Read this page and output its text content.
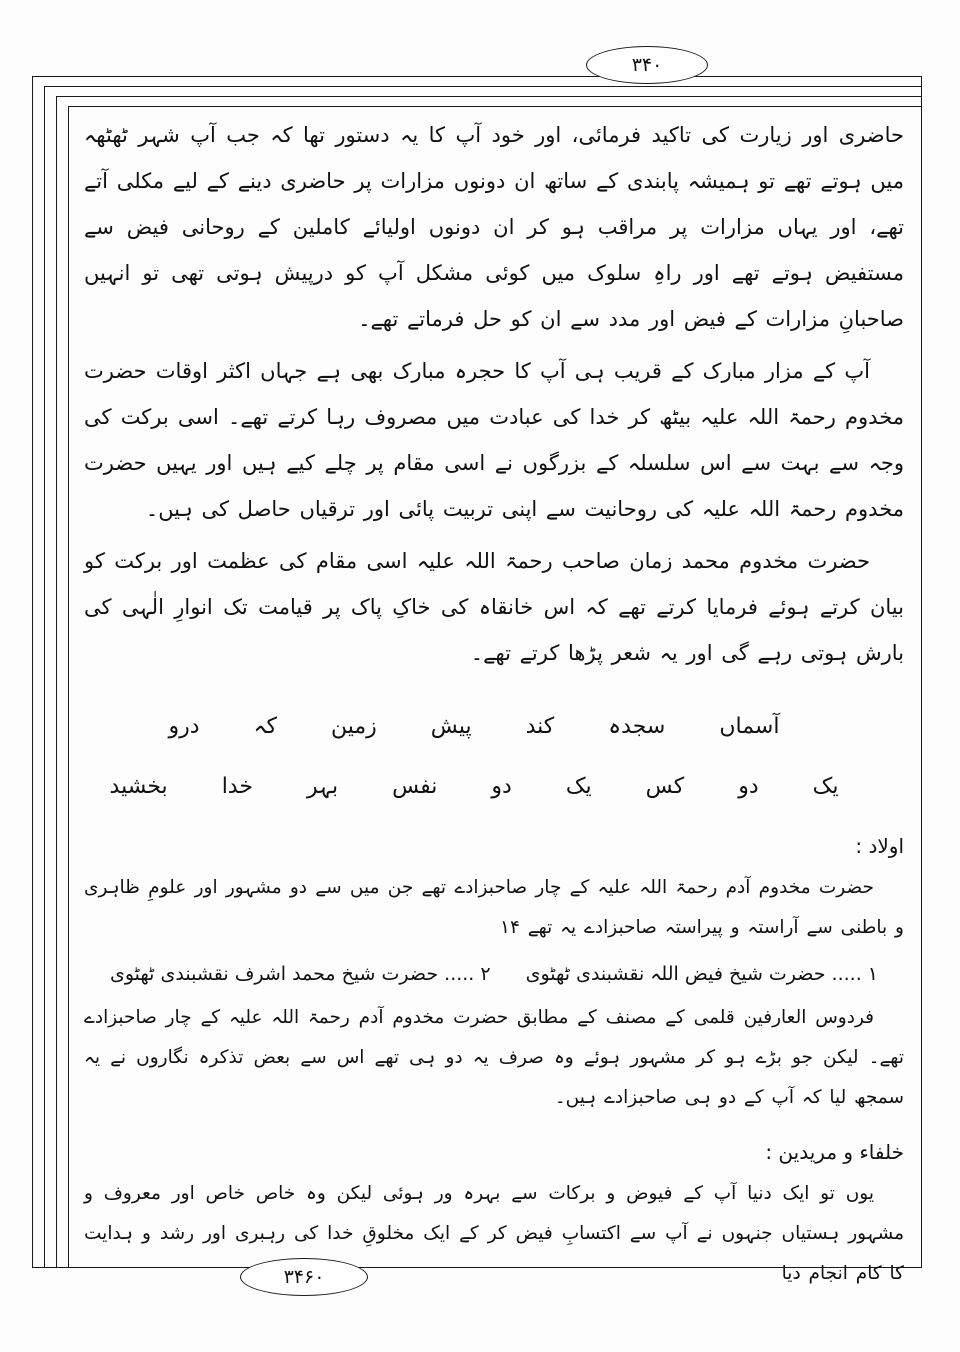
۳۴۰
۳۴۶۰

حاضری اور زیارت کی تاکید فرمائی، اور خود آپ کا یہ دستور تھا کہ جب آپ شہر ٹھٹھہ میں ہوتے تھے تو ہمیشہ پابندی کے ساتھ ان دونوں مزارات پر حاضری دینے کے لیے مکلی آتے تھے، اور یہاں مزارات پر مراقب ہو کر ان دونوں اولیائے کاملین کے روحانی فیض سے مستفیض ہوتے تھے اور راہِ سلوک میں کوئی مشکل آپ کو درپیش ہوتی تھی تو انہیں صاحبانِ مزارات کے فیض اور مدد سے ان کو حل فرماتے تھے۔

آپ کے مزار مبارک کے قریب ہی آپ کا حجرہ مبارک بھی ہے جہاں اکثر اوقات حضرت مخدوم رحمۃ اللہ علیہ بیٹھ کر خدا کی عبادت میں مصروف رہا کرتے تھے۔ اسی برکت کی وجہ سے بہت سے اس سلسلہ کے بزرگوں نے اسی مقام پر چلے کیے ہیں اور یہیں حضرت مخدوم رحمۃ اللہ علیہ کی روحانیت سے اپنی تربیت پائی اور ترقیاں حاصل کی ہیں۔

حضرت مخدوم محمد زمان صاحب رحمۃ اللہ علیہ اسی مقام کی عظمت اور برکت کو بیان کرتے ہوئے فرمایا کرتے تھے کہ اس خانقاہ کی خاکِ پاک پر قیامت تک انوارِ الٰہی کی بارش ہوتی رہے گی اور یہ شعر پڑھا کرتے تھے۔

آسماں سجدہ کند پیش زمین کہ درو
یک دو کس یک دو نفس بہر خدا بخشید
اولاد :

حضرت مخدوم آدم رحمۃ اللہ علیہ کے چار صاحبزادے تھے جن میں سے دو مشہور اور علومِ ظاہری و باطنی سے آراستہ و پیراستہ صاحبزادے یہ تھے ۱۴

۱ ..... حضرت شیخ فیض اللہ نقشبندی ٹھٹوی
۲ ..... حضرت شیخ محمد اشرف نقشبندی ٹھٹوی

فردوس العارفین قلمی کے مصنف کے مطابق حضرت مخدوم آدم رحمۃ اللہ علیہ کے چار صاحبزادے تھے۔ لیکن جو بڑے ہو کر مشہور ہوئے وہ صرف یہ دو ہی تھے اس سے بعض تذکرہ نگاروں نے یہ سمجھ لیا کہ آپ کے دو ہی صاحبزادے ہیں۔

خلفاء و مریدین :

یوں تو ایک دنیا آپ کے فیوض و برکات سے بہرہ ور ہوئی لیکن وہ خاص خاص اور معروف و مشہور ہستیاں جنہوں نے آپ سے اکتسابِ فیض کر کے ایک مخلوقِ خدا کی رہبری اور رشد و ہدایت کا کام انجام دیا
